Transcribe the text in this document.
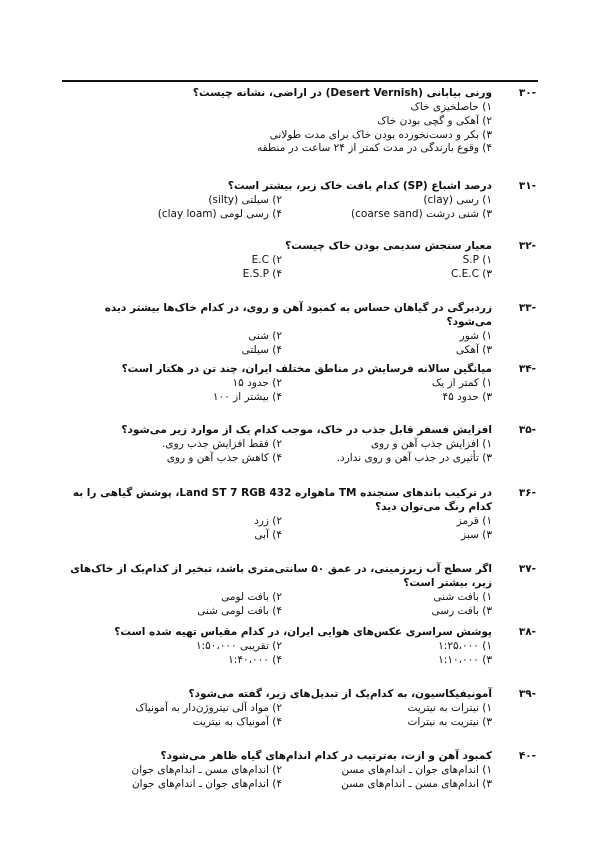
-۳۰
ورنی بیابانی (Desert Vernish) در اراضی، نشانه چیست؟
۱) حاصلخیزی خاک
۲) آهکی و گچی بودن خاک
۳) بکر و دست‌نخورده بودن خاک برای مدت طولانی
۴) وقوع بارندگی در مدت کمتر از ۲۴ ساعت در منطقه
-۳۱
درصد اشباع (SP) کدام بافت خاک زیر، بیشتر است؟
۱) رسی (clay)
۲) سیلتی (silty)
۳) شنی درشت (coarse sand)
۴) رسی لومی (clay loam)
-۳۲
معیار سنجش سدیمی بودن خاک چیست؟
S.P (۱
E.C (۲
C.E.C (۳
E.S.P (۴
-۳۳
زردبرگی در گیاهان حساس به کمبود آهن و روی، در کدام خاک‌ها بیشتر دیده می‌شود؟
۱) شور
۲) شنی
۳) آهکی
۴) سیلتی
-۳۴
میانگین سالانه فرسایش در مناطق مختلف ایران، چند تن در هکتار است؟
۱) کمتر از یک
۲) حدود ۱۵
۳) حدود ۴۵
۴) بیشتر از ۱۰۰
-۳۵
افزایش فسفر قابل جذب در خاک، موجب کدام یک از موارد زیر می‌شود؟
۱) افزایش جذب آهن و روی
۲) فقط افزایش جذب روی.
۳) تأثیری در جذب آهن و روی ندارد.
۴) کاهش جذب آهن و روی
-۳۶
در ترکیب باندهای سنجنده TM ماهواره Land ST 7 RGB 432، پوشش گیاهی را به کدام رنگ می‌توان دید؟
۱) قرمز
۲) زرد
۳) سبز
۴) آبی
-۳۷
اگر سطح آب زیرزمینی، در عمق ۵۰ سانتی‌متری باشد، تبخیر از کدام‌یک از خاک‌های زیر، بیشتر است؟
۱) بافت شنی
۲) بافت لومی
۳) بافت رسی
۴) بافت لومی شنی
-۳۸
پوشش سراسری عکس‌های هوایی ایران، در کدام مقیاس تهیه شده است؟
۱) ۱:۲۵،۰۰۰
۲) تقریبی ۱:۵۰،۰۰۰
۳) ۱:۱۰،۰۰۰
۴) ۱:۴۰،۰۰۰
-۳۹
آمونیفیکاسیون، به کدام‌یک از تبدیل‌های زیر، گفته می‌شود؟
۱) نیترات به نیتریت
۲) مواد آلی نیتروژن‌دار به آمونیاک
۳) نیتریت به نیترات
۴) آمونیاک به نیتریت
-۴۰
کمبود آهن و ازت، به‌ترتیب در کدام اندام‌های گیاه ظاهر می‌شود؟
۱) اندام‌های جوان ـ اندام‌های مسن
۲) اندام‌های مسن ـ اندام‌های جوان
۳) اندام‌های مسن ـ اندام‌های مسن
۴) اندام‌های جوان ـ اندام‌های جوان
